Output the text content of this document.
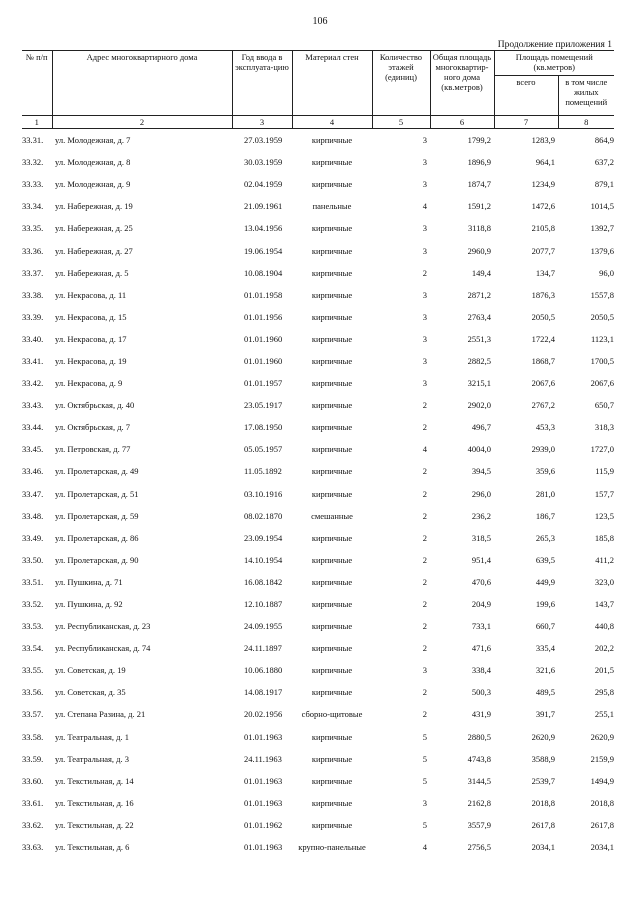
106
Продолжение приложения 1
№ п/п	Адрес многоквартирного дома	Год ввода в эксплуата-цию	Материал стен	Количество этажей (единиц)	Общая площадь многоквартир-ного дома (кв.метров)	Площадь помещений (кв.метров)	
						всего	в том числе жилых помещений
1	2	3	4	5	6	7	8
33.31.	ул. Молодежная, д. 7	27.03.1959	кирпичные	3	1799,2	1283,9	864,9
33.32.	ул. Молодежная, д. 8	30.03.1959	кирпичные	3	1896,9	964,1	637,2
33.33.	ул. Молодежная, д. 9	02.04.1959	кирпичные	3	1874,7	1234,9	879,1
33.34.	ул. Набережная, д. 19	21.09.1961	панельные	4	1591,2	1472,6	1014,5
33.35.	ул. Набережная, д. 25	13.04.1956	кирпичные	3	3118,8	2105,8	1392,7
33.36.	ул. Набережная, д. 27	19.06.1954	кирпичные	3	2960,9	2077,7	1379,6
33.37.	ул. Набережная, д. 5	10.08.1904	кирпичные	2	149,4	134,7	96,0
33.38.	ул. Некрасова, д. 11	01.01.1958	кирпичные	3	2871,2	1876,3	1557,8
33.39.	ул. Некрасова, д. 15	01.01.1956	кирпичные	3	2763,4	2050,5	2050,5
33.40.	ул. Некрасова, д. 17	01.01.1960	кирпичные	3	2551,3	1722,4	1123,1
33.41.	ул. Некрасова, д. 19	01.01.1960	кирпичные	3	2882,5	1868,7	1700,5
33.42.	ул. Некрасова, д. 9	01.01.1957	кирпичные	3	3215,1	2067,6	2067,6
33.43.	ул. Октябрьская, д. 40	23.05.1917	кирпичные	2	2902,0	2767,2	650,7
33.44.	ул. Октябрьская, д. 7	17.08.1950	кирпичные	2	496,7	453,3	318,3
33.45.	ул. Петровская, д. 77	05.05.1957	кирпичные	4	4004,0	2939,0	1727,0
33.46.	ул. Пролетарская, д. 49	11.05.1892	кирпичные	2	394,5	359,6	115,9
33.47.	ул. Пролетарская, д. 51	03.10.1916	кирпичные	2	296,0	281,0	157,7
33.48.	ул. Пролетарская, д. 59	08.02.1870	смешанные	2	236,2	186,7	123,5
33.49.	ул. Пролетарская, д. 86	23.09.1954	кирпичные	2	318,5	265,3	185,8
33.50.	ул. Пролетарская, д. 90	14.10.1954	кирпичные	2	951,4	639,5	411,2
33.51.	ул. Пушкина, д. 71	16.08.1842	кирпичные	2	470,6	449,9	323,0
33.52.	ул. Пушкина, д. 92	12.10.1887	кирпичные	2	204,9	199,6	143,7
33.53.	ул. Республиканская, д. 23	24.09.1955	кирпичные	2	733,1	660,7	440,8
33.54.	ул. Республиканская, д. 74	24.11.1897	кирпичные	2	471,6	335,4	202,2
33.55.	ул. Советская, д. 19	10.06.1880	кирпичные	3	338,4	321,6	201,5
33.56.	ул. Советская, д. 35	14.08.1917	кирпичные	2	500,3	489,5	295,8
33.57.	ул. Степана Разина, д. 21	20.02.1956	сборно-щитовые	2	431,9	391,7	255,1
33.58.	ул. Театральная, д. 1	01.01.1963	кирпичные	5	2880,5	2620,9	2620,9
33.59.	ул. Театральная, д. 3	24.11.1963	кирпичные	5	4743,8	3588,9	2159,9
33.60.	ул. Текстильная, д. 14	01.01.1963	кирпичные	5	3144,5	2539,7	1494,9
33.61.	ул. Текстильная, д. 16	01.01.1963	кирпичные	3	2162,8	2018,8	2018,8
33.62.	ул. Текстильная, д. 22	01.01.1962	кирпичные	5	3557,9	2617,8	2617,8
33.63.	ул. Текстильная, д. 6	01.01.1963	крупно-панельные	4	2756,5	2034,1	2034,1
